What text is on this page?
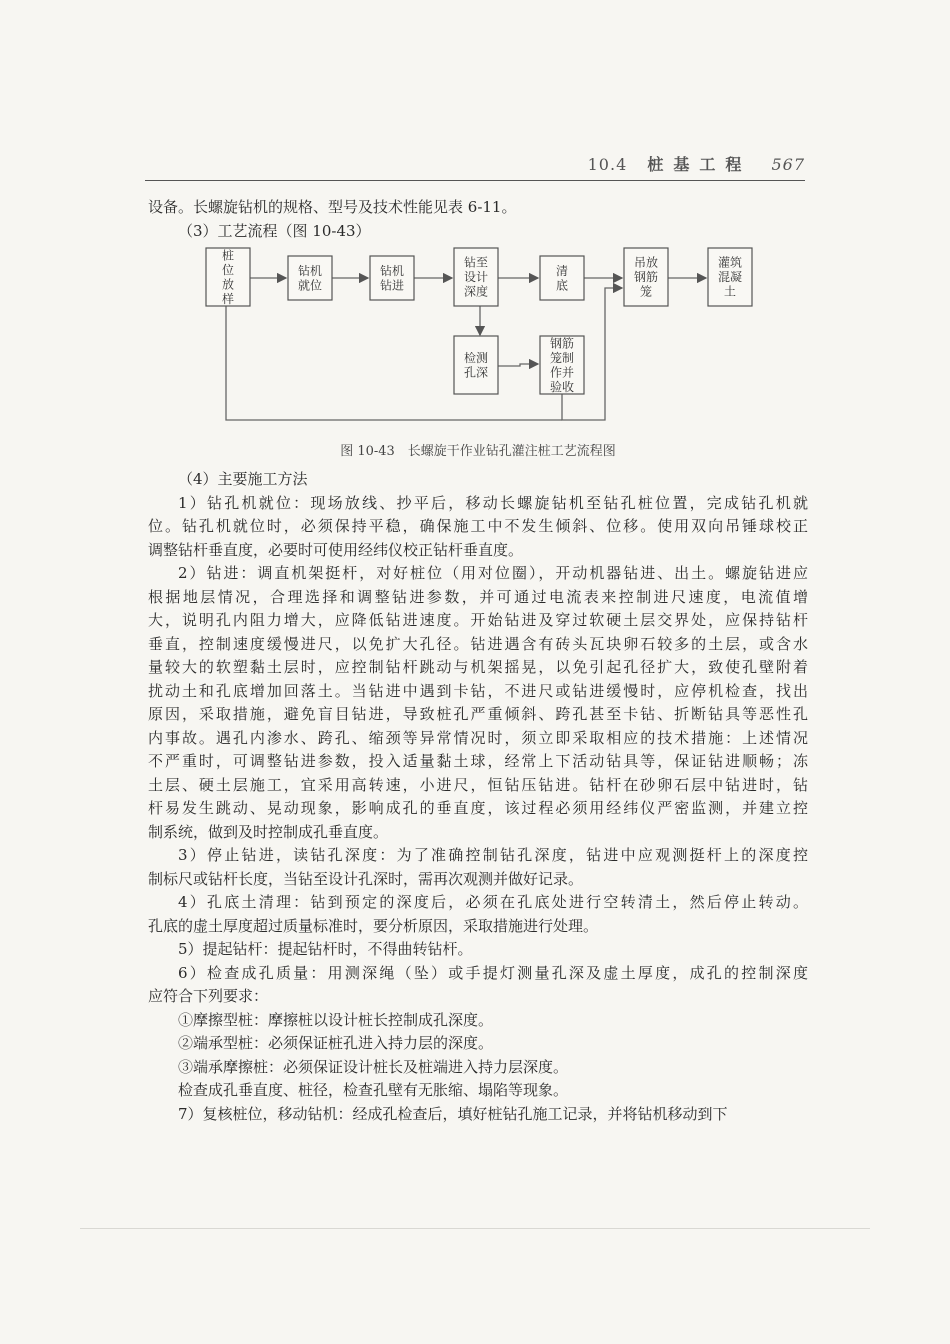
10.4 桩基工程 567
设备。长螺旋钻机的规格、型号及技术性能见表 6-11。
（3）工艺流程（图 10-43）
桩
位
放
样
钻机
就位
钻机
钻进
钻至
设计
深度
清
底
吊放
钢筋
笼
灌筑
混凝
土
检测
孔深
钢筋
笼制
作并
验收
图 10-43　长螺旋干作业钻孔灌注桩工艺流程图
（4）主要施工方法
1）钻孔机就位：现场放线、抄平后，移动长螺旋钻机至钻孔桩位置，完成钻孔机就
位。钻孔机就位时，必须保持平稳，确保施工中不发生倾斜、位移。使用双向吊锤球校正
调整钻杆垂直度，必要时可使用经纬仪校正钻杆垂直度。
2）钻进：调直机架挺杆，对好桩位（用对位圈），开动机器钻进、出土。螺旋钻进应
根据地层情况，合理选择和调整钻进参数，并可通过电流表来控制进尺速度，电流值增
大，说明孔内阻力增大，应降低钻进速度。开始钻进及穿过软硬土层交界处，应保持钻杆
垂直，控制速度缓慢进尺，以免扩大孔径。钻进遇含有砖头瓦块卵石较多的土层，或含水
量较大的软塑黏土层时，应控制钻杆跳动与机架摇晃，以免引起孔径扩大，致使孔壁附着
扰动土和孔底增加回落土。当钻进中遇到卡钻，不进尺或钻进缓慢时，应停机检查，找出
原因，采取措施，避免盲目钻进，导致桩孔严重倾斜、跨孔甚至卡钻、折断钻具等恶性孔
内事故。遇孔内渗水、跨孔、缩颈等异常情况时，须立即采取相应的技术措施：上述情况
不严重时，可调整钻进参数，投入适量黏土球，经常上下活动钻具等，保证钻进顺畅；冻
土层、硬土层施工，宜采用高转速，小进尺，恒钻压钻进。钻杆在砂卵石层中钻进时，钻
杆易发生跳动、晃动现象，影响成孔的垂直度，该过程必须用经纬仪严密监测，并建立控
制系统，做到及时控制成孔垂直度。
3）停止钻进，读钻孔深度：为了准确控制钻孔深度，钻进中应观测挺杆上的深度控
制标尺或钻杆长度，当钻至设计孔深时，需再次观测并做好记录。
4）孔底土清理：钻到预定的深度后，必须在孔底处进行空转清土，然后停止转动。
孔底的虚土厚度超过质量标准时，要分析原因，采取措施进行处理。
5）提起钻杆：提起钻杆时，不得曲转钻杆。
6）检查成孔质量：用测深绳（坠）或手提灯测量孔深及虚土厚度，成孔的控制深度
应符合下列要求：
①摩擦型桩：摩擦桩以设计桩长控制成孔深度。
②端承型桩：必须保证桩孔进入持力层的深度。
③端承摩擦桩：必须保证设计桩长及桩端进入持力层深度。
检查成孔垂直度、桩径，检查孔壁有无胀缩、塌陷等现象。
7）复核桩位，移动钻机：经成孔检查后，填好桩钻孔施工记录，并将钻机移动到下
